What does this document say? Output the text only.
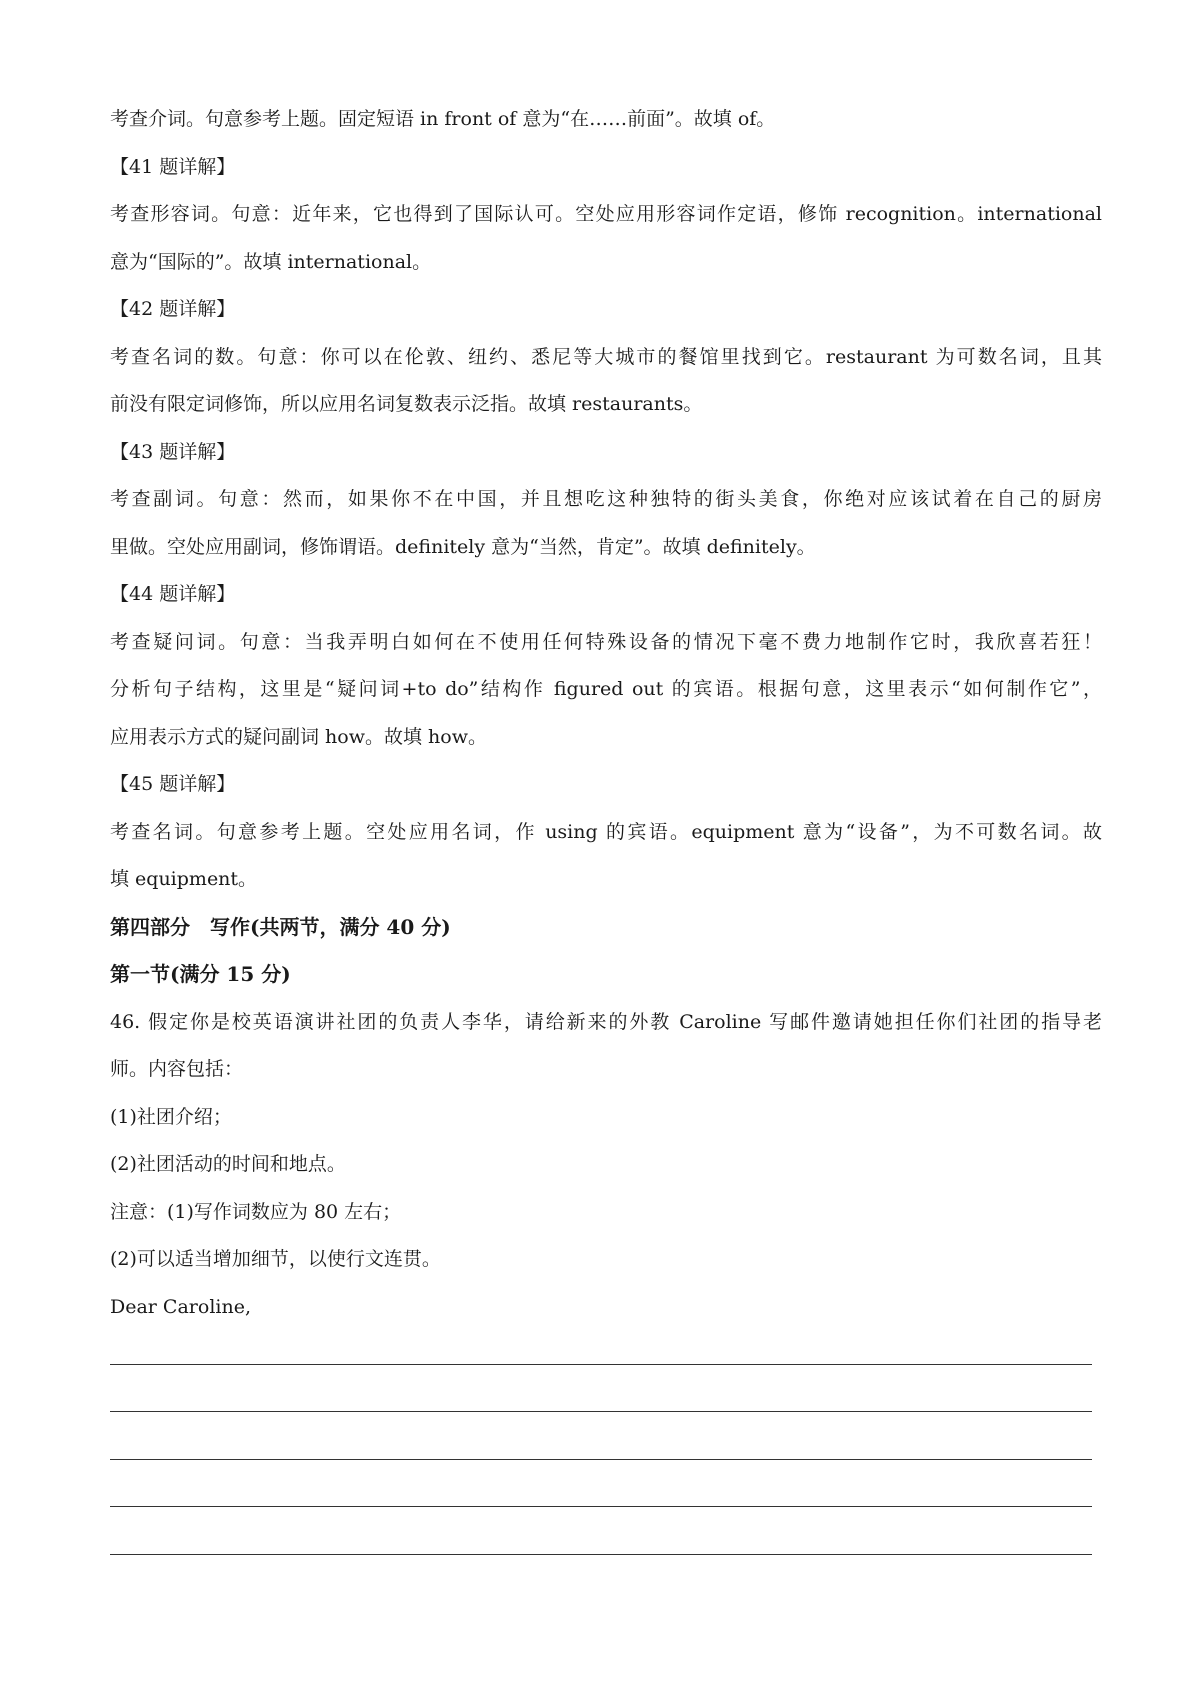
考查介词。句意参考上题。固定短语 in front of 意为“在……前面”。故填 of。
【41 题详解】
考查形容词。句意：近年来，它也得到了国际认可。空处应用形容词作定语，修饰 recognition。international
意为“国际的”。故填 international。
【42 题详解】
考查名词的数。句意：你可以在伦敦、纽约、悉尼等大城市的餐馆里找到它。restaurant 为可数名词，且其
前没有限定词修饰，所以应用名词复数表示泛指。故填 restaurants。
【43 题详解】
考查副词。句意：然而，如果你不在中国，并且想吃这种独特的街头美食，你绝对应该试着在自己的厨房
里做。空处应用副词，修饰谓语。definitely 意为“当然，肯定”。故填 definitely。
【44 题详解】
考查疑问词。句意：当我弄明白如何在不使用任何特殊设备的情况下毫不费力地制作它时，我欣喜若狂！
分析句子结构，这里是“疑问词+to do”结构作 figured out 的宾语。根据句意，这里表示“如何制作它”，
应用表示方式的疑问副词 how。故填 how。
【45 题详解】
考查名词。句意参考上题。空处应用名词，作 using 的宾语。equipment 意为“设备”，为不可数名词。故
填 equipment。
第四部分　写作(共两节，满分 40 分)
第一节(满分 15 分)
46. 假定你是校英语演讲社团的负责人李华，请给新来的外教 Caroline 写邮件邀请她担任你们社团的指导老
师。内容包括：
(1)社团介绍；
(2)社团活动的时间和地点。
注意：(1)写作词数应为 80 左右；
(2)可以适当增加细节，以使行文连贯。
Dear Caroline,
